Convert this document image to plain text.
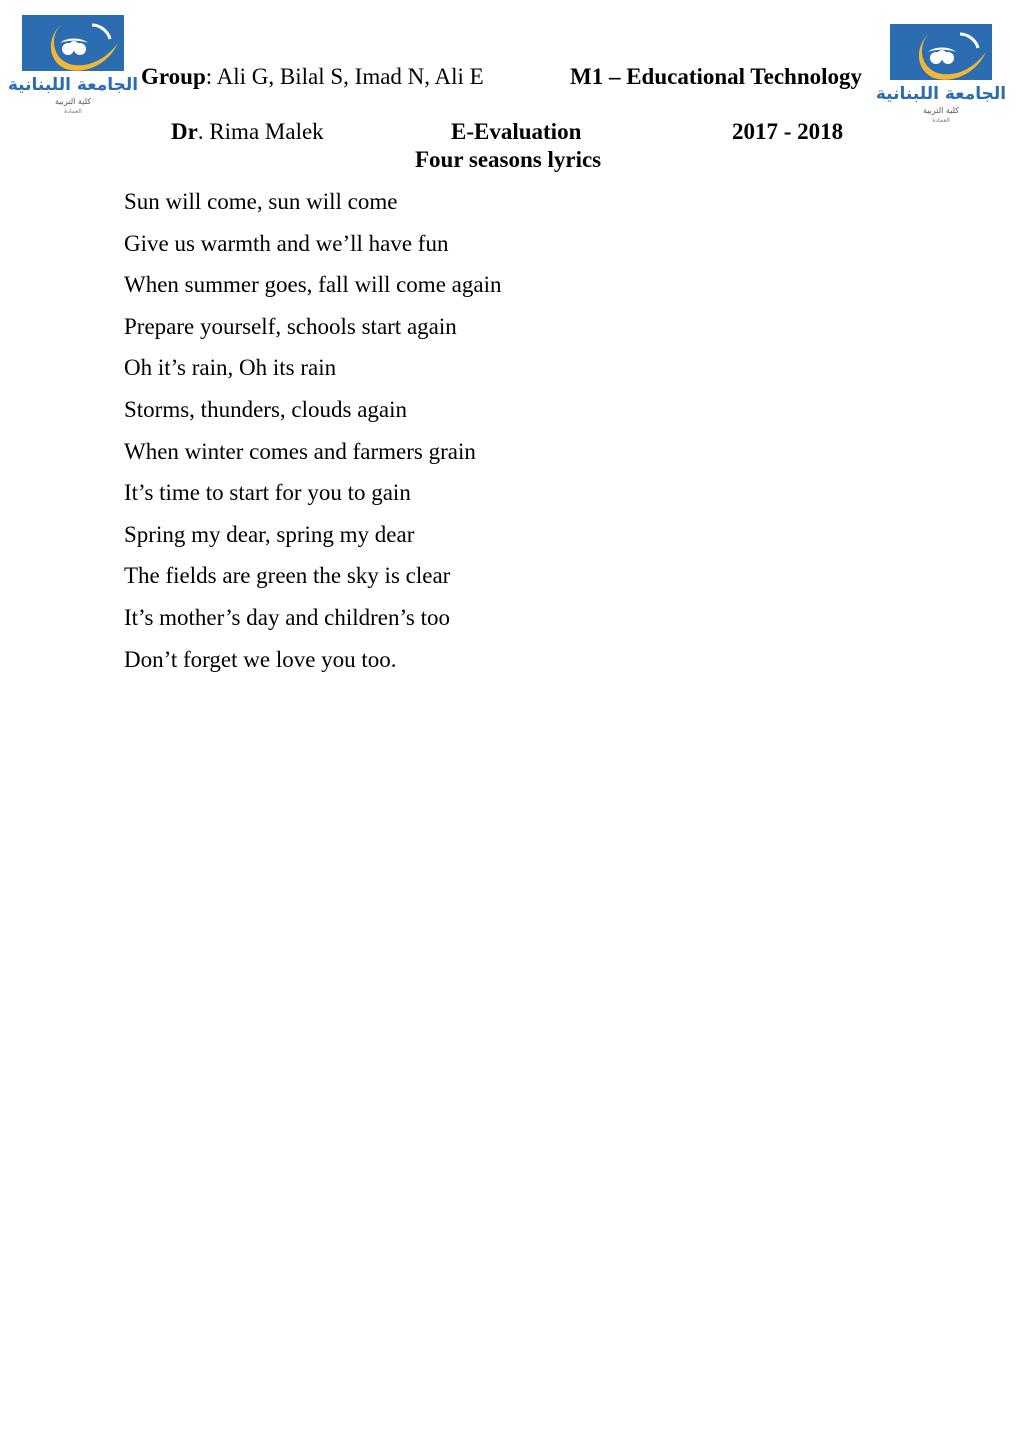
الجامعة اللبنانية
كلية التربية
العمادة
الجامعة اللبنانية
كلية التربية
العمادة
Group: Ali G, Bilal S, Imad N, Ali E	M1 – Educational Technology
Dr. Rima Malek	E-Evaluation	2017 - 2018
Four seasons lyrics
Sun will come, sun will come
Give us warmth and we’ll have fun
When summer goes, fall will come again
Prepare yourself, schools start again
Oh it’s rain, Oh its rain
Storms, thunders, clouds again
When winter comes and farmers grain
It’s time to start for you to gain
Spring my dear, spring my dear
The fields are green the sky is clear
It’s mother’s day and children’s too
Don’t forget we love you too.
